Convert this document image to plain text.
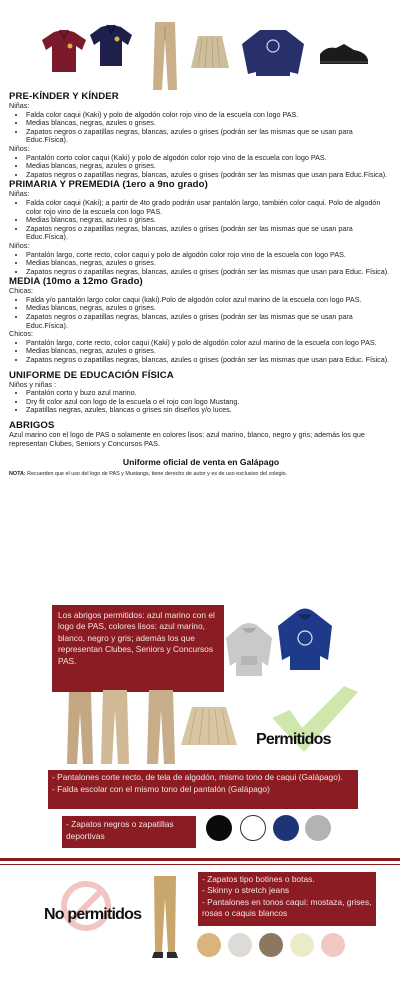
PRE-KÍNDER Y KÍNDER
Niñas:
• Falda color caqui (Kaki) y polo de algodón color rojo vino de la escuela con logo PAS.
• Medias blancas, negras, azules o grises.
• Zapatos negros o zapatillas negras, blancas, azules o grises (podrán ser las mismas que se usan para Educ.Física).
Niños:
• Pantalón corto color caqui (Kaki) y polo de algodón color rojo vino de la escuela con logo PAS.
• Medias blancas, negras, azules o grises.
• Zapatos negros o zapatillas negras, blancas, azules o grises (podrán ser las mismas que usan para Educ.Física).
PRIMARIA Y PREMEDIA (1ero a 9no grado)
Niñas:
• Falda color caqui (Kaki); a partir de 4to grado podrán usar pantalón largo, también color caqui. Polo de algodón color rojo vino de la escuela con logo PAS.
• Medias blancas, negras, azules o grises.
• Zapatos negros o zapatillas negras, blancas, azules o grises (podrán ser las mismas que se usan para Educ.Física).
Niños:
• Pantalón largo, corte recto, color caqui y polo de algodón color rojo vino de la escuela con logo PAS.
• Medias blancas, negras, azules o grises.
• Zapatos negros o zapatillas negras, blancas, azules o grises (podrán ser las mismas que usan para Educ. Física).
MEDIA (10mo a 12mo Grado)
Chicas:
• Falda y/o pantalón largo color caqui (kaki).Polo de algodón color azul marino de la escuela con logo PAS.
• Medias blancas, negras, azules o grises.
• Zapatos negros o zapatillas negras, blancas, azules o grises (podrán ser las mismas que se usan para Educ.Física).
Chicos:
• Pantalón largo, corte recto, color caqui (Kaki) y polo de algodón color azul marino de la escuela con logo PAS.
• Medias blancas, negras, azules o grises.
• Zapatos negros o zapatillas negras, blancas, azules o grises (podrán ser las mismas que usan para Educ. Física).
UNIFORME DE EDUCACIÓN FÍSICA
Niños y niñas :
• Pantalón corto y buzo azul marino.
• Dry fit color azul con logo de la escuela o el rojo con logo Mustang.
• Zapatillas negras, azules, blancas o grises sin diseños y/o luces.
ABRIGOS
Azul marino con el logo de PAS o solamente en colores lisos: azul marino, blanco, negro y gris; además los que representan Clubes, Seniors y Concursos PAS.
Uniforme oficial de venta en Galápago
NOTA: Recuerden que el uso del logo de PAS y Mustangs, tiene derecho de autor y es de uso exclusivo del colegio.
Los abrigos permitidos: azul marino con el logo de PAS, colores lisos: azul marino, blanco, negro y gris; además los que representan Clubes, Seniors y Concursos PAS.
Permitidos
- Pantalones corte recto, de tela de algodón, mismo tono de caqui (Galápago).
- Falda escolar con el mismo tono del pantalón (Galápago)
- Zapatos negros o zapatillas deportivas
No permitidos
- Zapatos tipo botines o botas.
- Skinny o stretch jeans
- Pantalones en tonos caqui: mostaza, grises, rosas o caquis blancos
